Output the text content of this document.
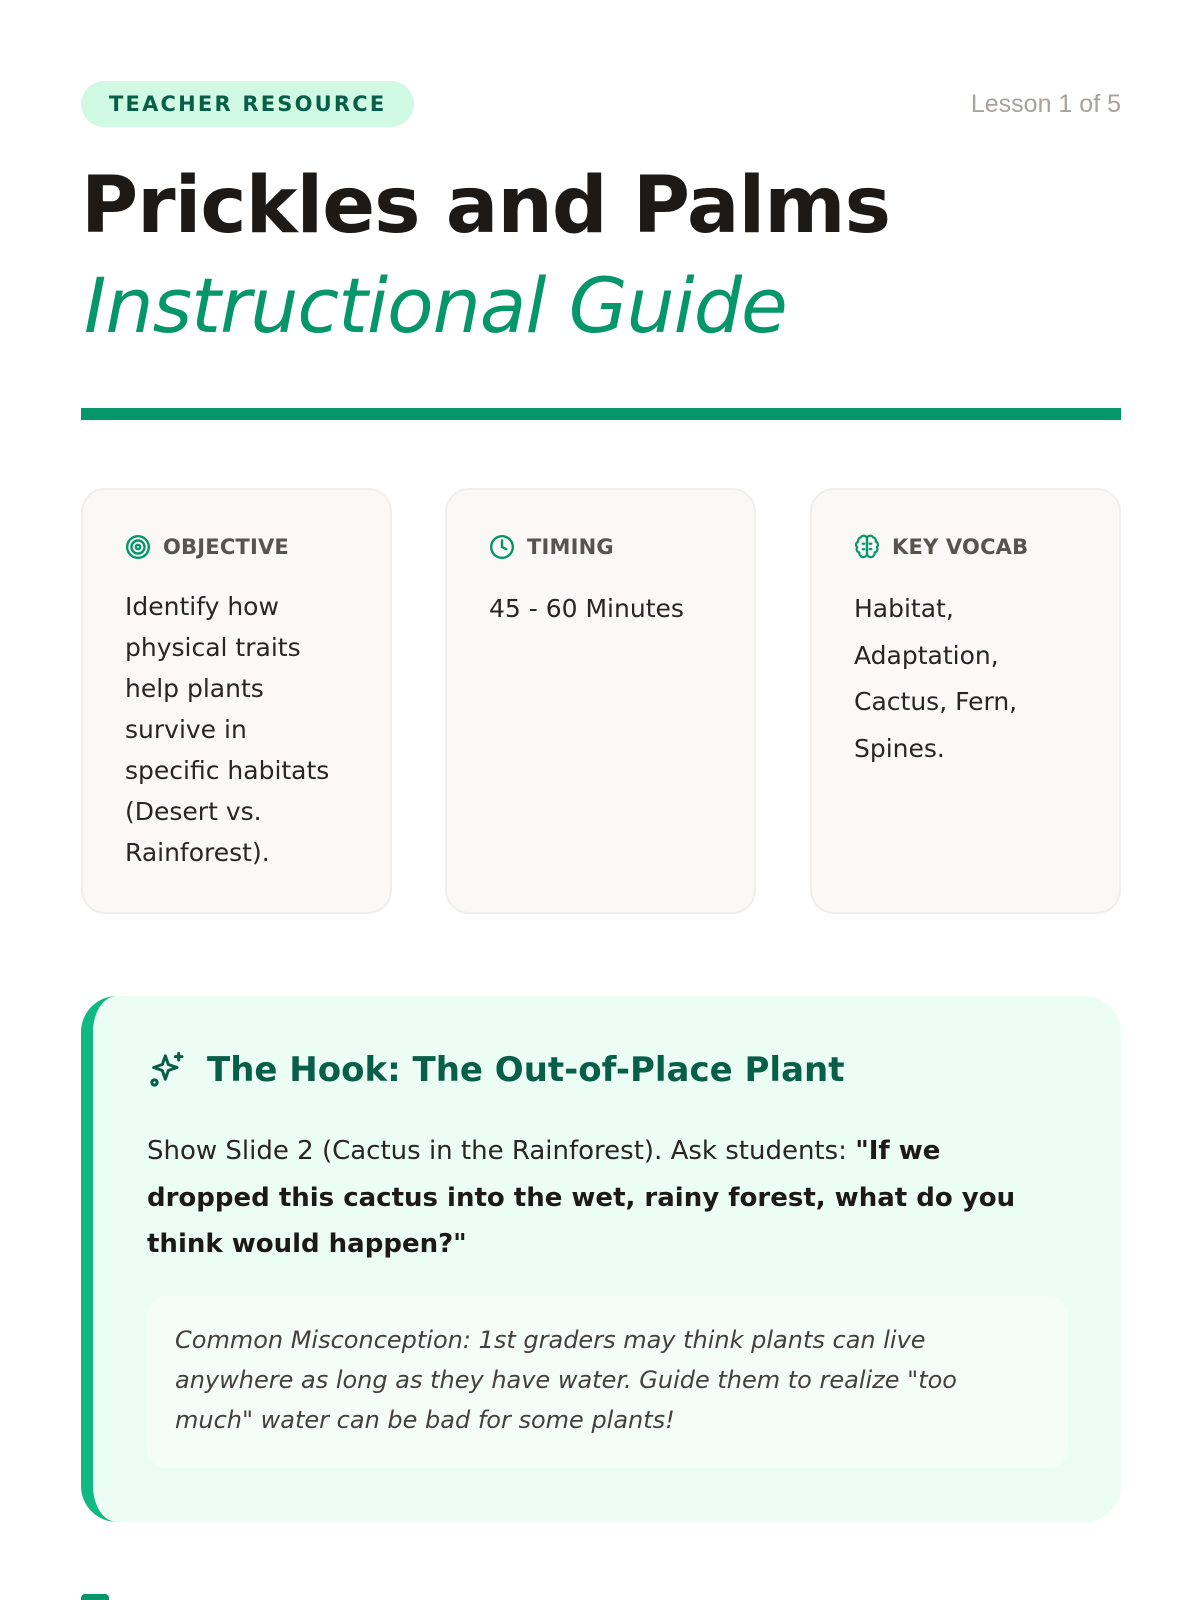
TEACHER RESOURCE	Lesson 1 of 5
Prickles and Palms
Instructional Guide
OBJECTIVE
Identify how
physical traits
help plants
survive in
specific habitats
(Desert vs.
Rainforest).
TIMING
45 - 60 Minutes
KEY VOCAB
Habitat,
Adaptation,
Cactus, Fern,
Spines.
The Hook: The Out-of-Place Plant

Show Slide 2 (Cactus in the Rainforest). Ask students: "If we dropped this cactus into the wet, rainy forest, what do you think would happen?"

Common Misconception: 1st graders may think plants can live anywhere as long as they have water. Guide them to realize "too much" water can be bad for some plants!
